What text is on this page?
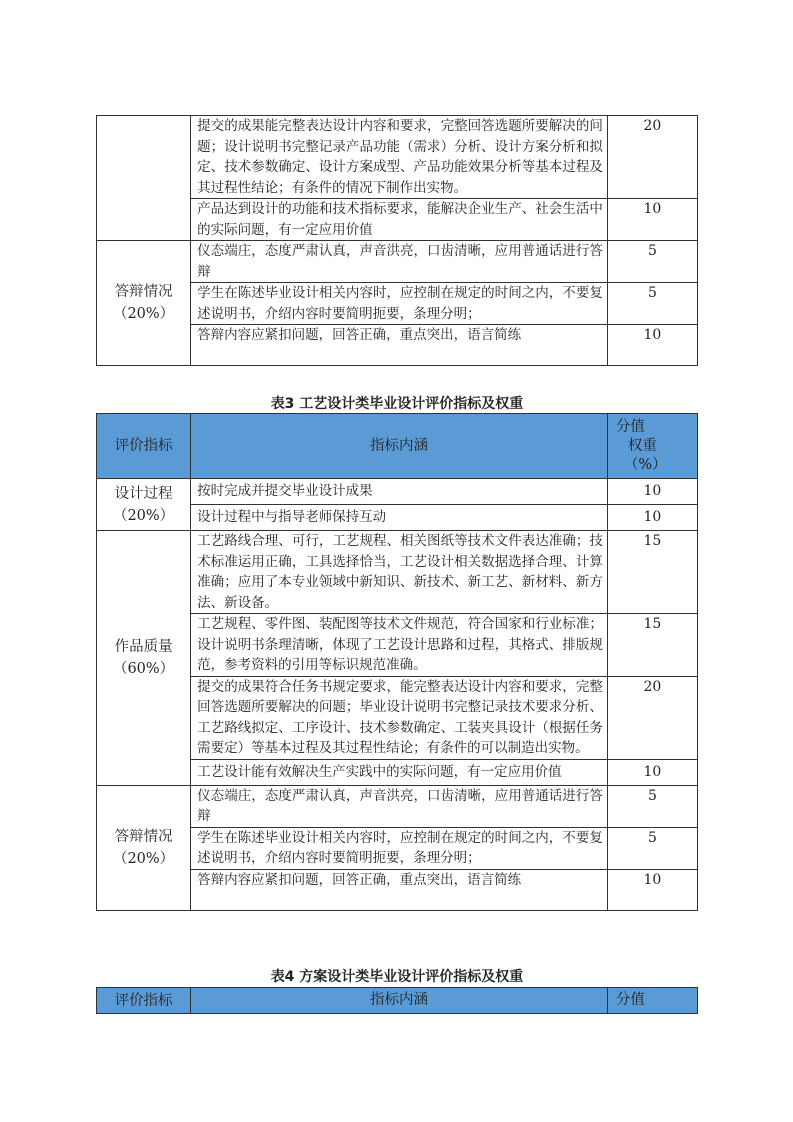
	提交的成果能完整表达设计内容和要求，完整回答选题所要解决的问题；设计说明书完整记录产品功能（需求）分析、设计方案分析和拟定、技术参数确定、设计方案成型、产品功能效果分析等基本过程及其过程性结论；有条件的情况下制作出实物。	20
	产品达到设计的功能和技术指标要求，能解决企业生产、社会生活中的实际问题，有一定应用价值	10

答辩情况
（20%）	仪态端庄，态度严肃认真，声音洪亮，口齿清晰，应用普通话进行答辩	5
	学生在陈述毕业设计相关内容时，应控制在规定的时间之内，不要复述说明书，介绍内容时要简明扼要，条理分明；	5
	答辩内容应紧扣问题，回答正确，重点突出，语言简练	10
表3 工艺设计类毕业设计评价指标及权重
评价指标	指标内涵	分值
权重
（%）

设计过程
（20%）	按时完成并提交毕业设计成果	10
	设计过程中与指导老师保持互动	10

作品质量
（60%）	工艺路线合理、可行，工艺规程、相关图纸等技术文件表达准确；技术标准运用正确，工具选择恰当，工艺设计相关数据选择合理、计算准确；应用了本专业领域中新知识、新技术、新工艺、新材料、新方法、新设备。	15
	工艺规程、零件图、装配图等技术文件规范，符合国家和行业标准；设计说明书条理清晰，体现了工艺设计思路和过程，其格式、排版规范，参考资料的引用等标识规范准确。	15
	提交的成果符合任务书规定要求，能完整表达设计内容和要求，完整回答选题所要解决的问题；毕业设计说明书完整记录技术要求分析、工艺路线拟定、工序设计、技术参数确定、工装夹具设计（根据任务需要定）等基本过程及其过程性结论；有条件的可以制造出实物。	20
	工艺设计能有效解决生产实践中的实际问题，有一定应用价值	10

答辩情况
（20%）	仪态端庄，态度严肃认真，声音洪亮，口齿清晰，应用普通话进行答辩	5
	学生在陈述毕业设计相关内容时，应控制在规定的时间之内，不要复述说明书，介绍内容时要简明扼要，条理分明；	5
	答辩内容应紧扣问题，回答正确，重点突出，语言简练	10
表4 方案设计类毕业设计评价指标及权重
评价指标	指标内涵	分值
